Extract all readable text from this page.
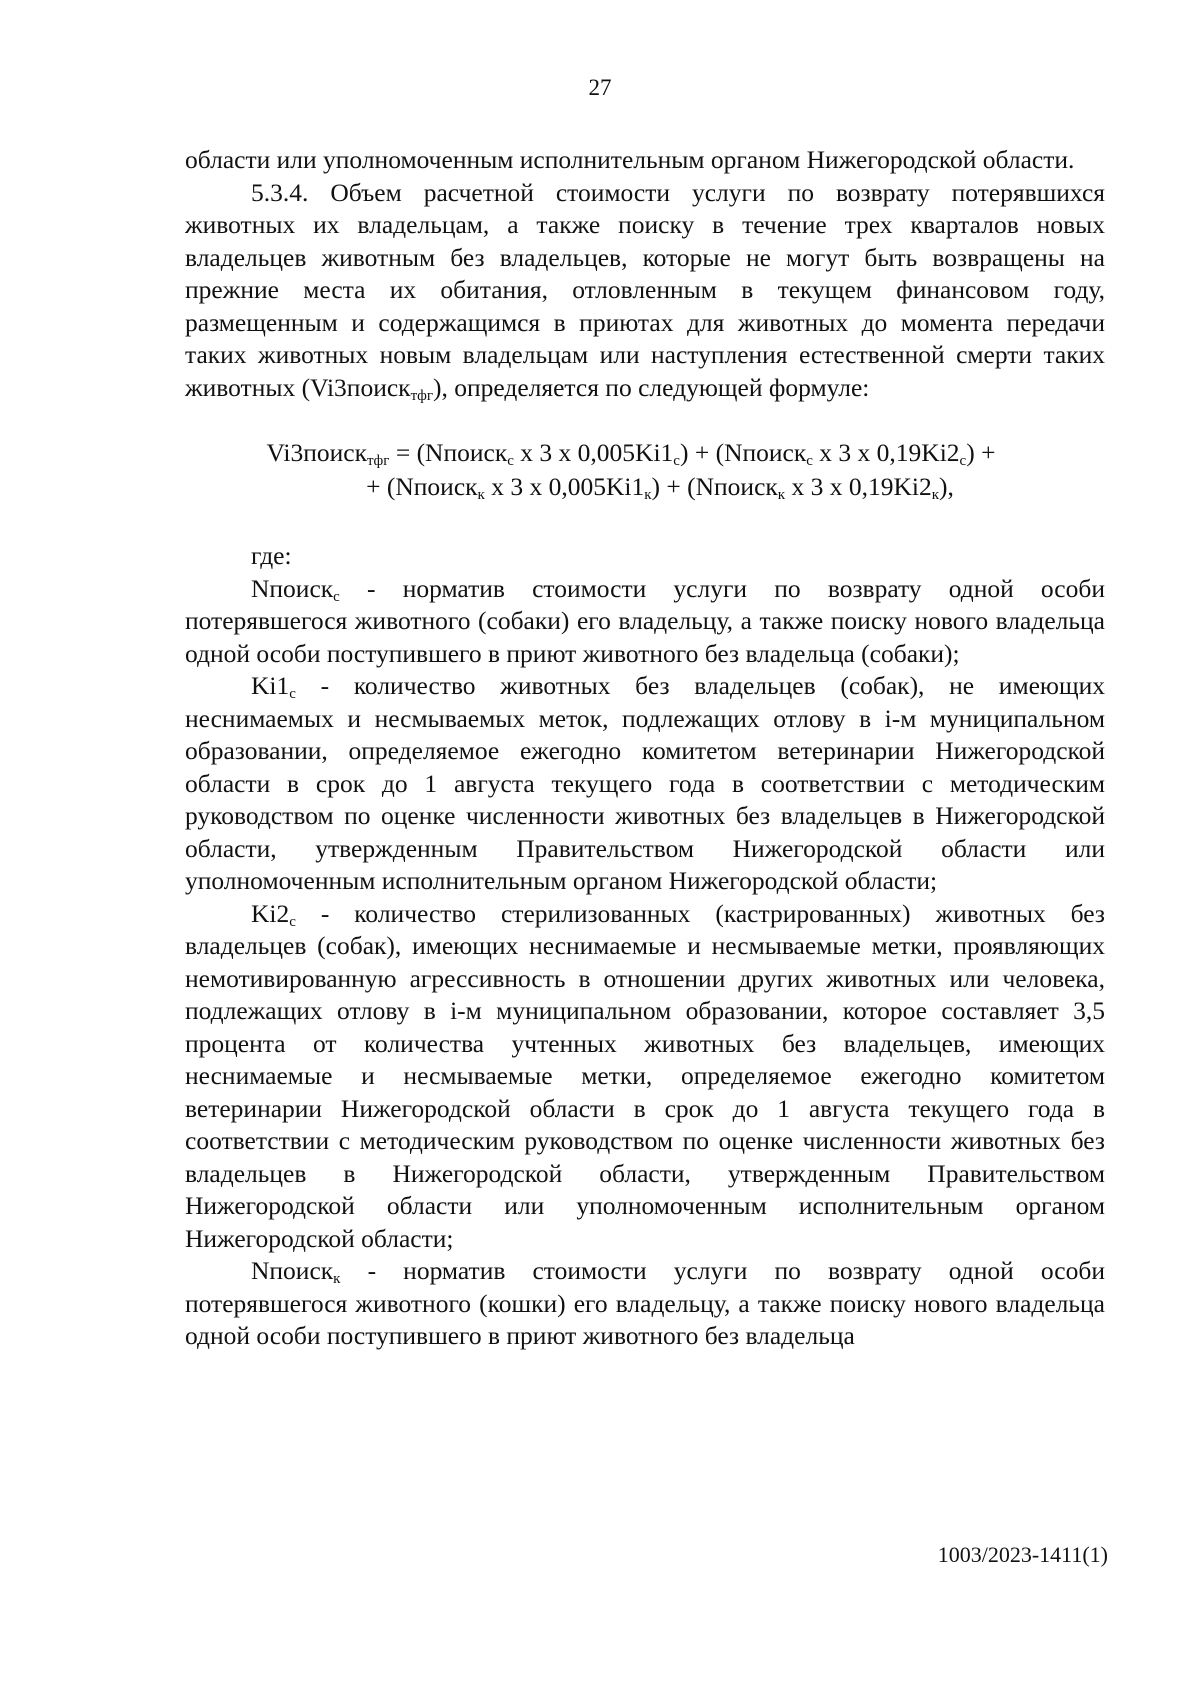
27

области или уполномоченным исполнительным органом Нижегородской области.

5.3.4. Объем расчетной стоимости услуги по возврату потерявшихся животных их владельцам, а также поиску в течение трех кварталов новых владельцев животным без владельцев, которые не могут быть возвращены на прежние места их обитания, отловленным в текущем финансовом году, размещенным и содержащимся в приютах для животных до момента передачи таких животных новым владельцам или наступления естественной смерти таких животных (Vi3поиск$_{тфг}$), определяется по следующей формуле:

Vi3поиск$_{тфг}$ = (Nпоиск$_с$ х 3 х $0,005Ki1_с$) + (Nпоиск$_с$ х 3 х $0,19Ki2_с$) +
+ (Nпоиск$_к$ х 3 х $0,005Ki1_к$) + (Nпоиск$_к$ х 3 х $0,19Ki2_к$),

где:

Nпоиск$_с$ - норматив стоимости услуги по возврату одной особи потерявшегося животного (собаки) его владельцу, а также поиску нового владельца одной особи поступившего в приют животного без владельца (собаки);

$Ki1_с$ - количество животных без владельцев (собак), не имеющих неснимаемых и несмываемых меток, подлежащих отлову в i-м муниципальном образовании, определяемое ежегодно комитетом ветеринарии Нижегородской области в срок до 1 августа текущего года в соответствии с методическим руководством по оценке численности животных без владельцев в Нижегородской области, утвержденным Правительством Нижегородской области или уполномоченным исполнительным органом Нижегородской области;

$Ki2_с$ - количество стерилизованных (кастрированных) животных без владельцев (собак), имеющих неснимаемые и несмываемые метки, проявляющих немотивированную агрессивность в отношении других животных или человека, подлежащих отлову в i-м муниципальном образовании, которое составляет 3,5 процента от количества учтенных животных без владельцев, имеющих неснимаемые и несмываемые метки, определяемое ежегодно комитетом ветеринарии Нижегородской области в срок до 1 августа текущего года в соответствии с методическим руководством по оценке численности животных без владельцев в Нижегородской области, утвержденным Правительством Нижегородской области или уполномоченным исполнительным органом Нижегородской области;

Nпоиск$_к$ - норматив стоимости услуги по возврату одной особи потерявшегося животного (кошки) его владельцу, а также поиску нового владельца одной особи поступившего в приют животного без владельца

1003/2023-1411(1)
